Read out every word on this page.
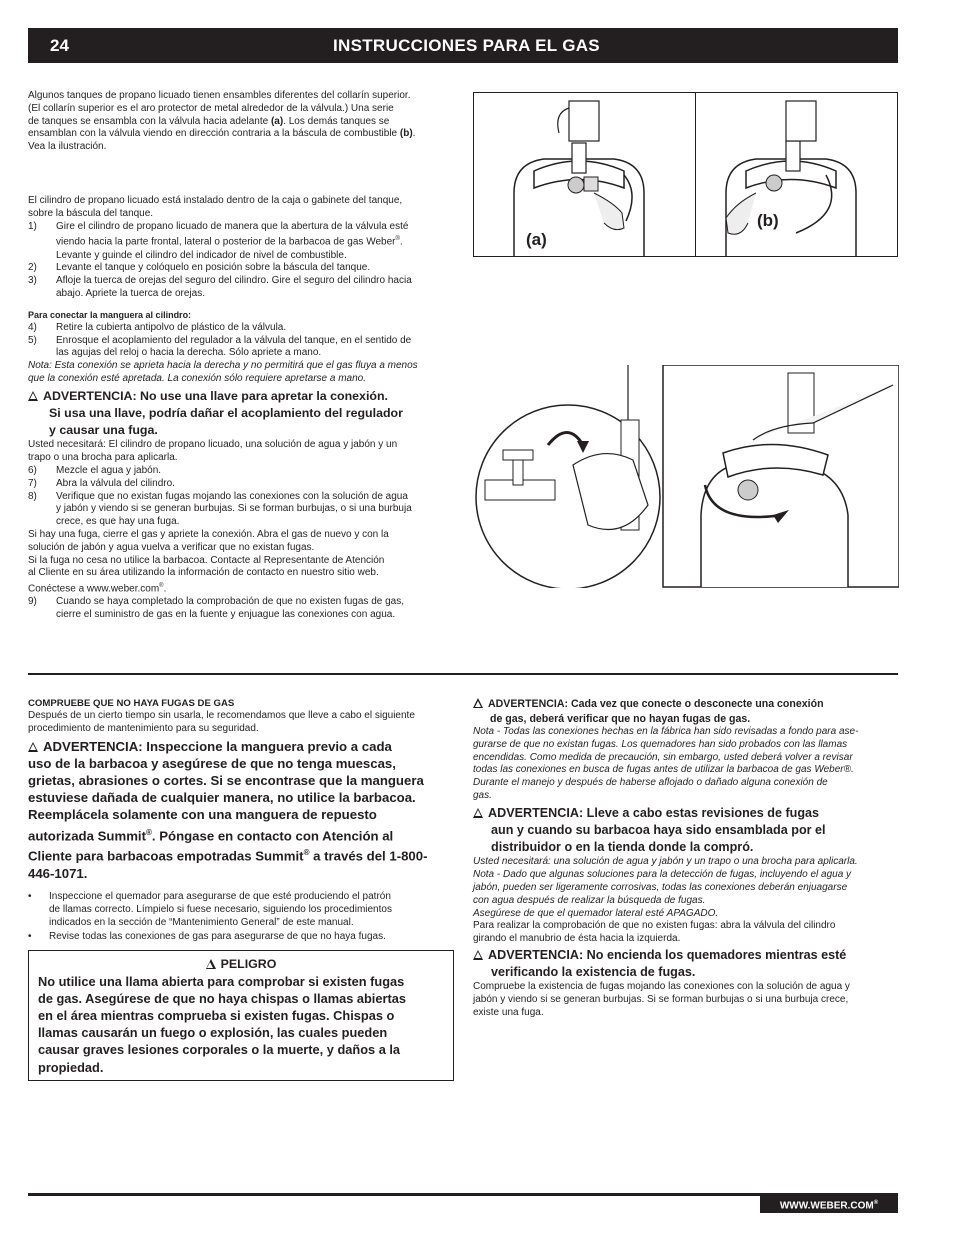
24	INSTRUCCIONES PARA EL GAS
Algunos tanques de propano licuado tienen ensambles diferentes del collarín superior.
(El collarín superior es el aro protector de metal alrededor de la válvula.) Una serie
de tanques se ensambla con la válvula hacia adelante (a). Los demás tanques se
ensamblan con la válvula viendo en dirección contraria a la báscula de combustible (b).
Vea la ilustración.
El cilindro de propano licuado está instalado dentro de la caja o gabinete del tanque,
sobre la báscula del tanque.
1)	Gire el cilindro de propano licuado de manera que la abertura de la válvula esté
viendo hacia la parte frontal, lateral o posterior de la barbacoa de gas Weber®.
Levante y guinde el cilindro del indicador de nivel de combustible.
2)	Levante el tanque y colóquelo en posición sobre la báscula del tanque.
3)	Afloje la tuerca de orejas del seguro del cilindro. Gire el seguro del cilindro hacia
abajo. Apriete la tuerca de orejas.
Para conectar la manguera al cilindro:
4)	Retire la cubierta antipolvo de plástico de la válvula.
5)	Enrosque el acoplamiento del regulador a la válvula del tanque, en el sentido de
las agujas del reloj o hacia la derecha. Sólo apriete a mano.
Nota: Esta conexión se aprieta hacia la derecha y no permitirá que el gas fluya a menos
que la conexión esté apretada. La conexión sólo requiere apretarse a mano.
ADVERTENCIA: No use una llave para apretar la conexión.
Si usa una llave, podría dañar el acoplamiento del regulador
y causar una fuga.
Usted necesitará: El cilindro de propano licuado, una solución de agua y jabón y un
trapo o una brocha para aplicarla.
6)	Mezcle el agua y jabón.
7)	Abra la válvula del cilindro.
8)	Verifique que no existan fugas mojando las conexiones con la solución de agua
y jabón y viendo si se generan burbujas. Si se forman burbujas, o si una burbuja
crece, es que hay una fuga.
Si hay una fuga, cierre el gas y apriete la conexión. Abra el gas de nuevo y con la
solución de jabón y agua vuelva a verificar que no existan fugas.
Si la fuga no cesa no utilice la barbacoa. Contacte al Representante de Atención
al Cliente en su área utilizando la información de contacto en nuestro sitio web.
Conéctese a www.weber.com®.
9)	Cuando se haya completado la comprobación de que no existen fugas de gas,
cierre el suministro de gas en la fuente y enjuague las conexiones con agua.
(a)
(b)
COMPRUEBE QUE NO HAYA FUGAS DE GAS
Después de un cierto tiempo sin usarla, le recomendamos que lleve a cabo el siguiente
procedimiento de mantenimiento para su seguridad.
ADVERTENCIA: Inspeccione la manguera previo a cada
uso de la barbacoa y asegúrese de que no tenga muescas,
grietas, abrasiones o cortes. Si se encontrase que la manguera
estuviese dañada de cualquier manera, no utilice la barbacoa.
Reemplácela solamente con una manguera de repuesto
autorizada Summit®. Póngase en contacto con Atención al
Cliente para barbacoas empotradas Summit® a través del 1-800-
446-1071.
•	Inspeccione el quemador para asegurarse de que esté produciendo el patrón
de llamas correcto. Límpielo si fuese necesario, siguiendo los procedimientos
indicados en la sección de “Mantenimiento General” de este manual.
•	Revise todas las conexiones de gas para asegurarse de que no haya fugas.
PELIGRO
No utilice una llama abierta para comprobar si existen fugas
de gas. Asegúrese de que no haya chispas o llamas abiertas
en el área mientras comprueba si existen fugas. Chispas o
llamas causarán un fuego o explosión, las cuales pueden
causar graves lesiones corporales o la muerte, y daños a la
propiedad.
ADVERTENCIA: Cada vez que conecte o desconecte una conexión
de gas, deberá verificar que no hayan fugas de gas.
Nota - Todas las conexiones hechas en la fábrica han sido revisadas a fondo para ase-
gurarse de que no existan fugas. Los quemadores han sido probados con las llamas
encendidas. Como medida de precaución, sin embargo, usted deberá volver a revisar
todas las conexiones en busca de fugas antes de utilizar la barbacoa de gas Weber®.
Durante el manejo y después de haberse aflojado o dañado alguna conexión de
gas.
ADVERTENCIA: Lleve a cabo estas revisiones de fugas
aun y cuando su barbacoa haya sido ensamblada por el
distribuidor o en la tienda donde la compró.
Usted necesitará: una solución de agua y jabón y un trapo o una brocha para aplicarla.
Nota - Dado que algunas soluciones para la detección de fugas, incluyendo el agua y
jabón, pueden ser ligeramente corrosivas, todas las conexiones deberán enjuagarse
con agua después de realizar la búsqueda de fugas.
Asegúrese de que el quemador lateral esté APAGADO.
Para realizar la comprobación de que no existen fugas: abra la válvula del cilindro
girando el manubrio de ésta hacia la izquierda.
ADVERTENCIA: No encienda los quemadores mientras esté
verificando la existencia de fugas.
Compruebe la existencia de fugas mojando las conexiones con la solución de agua y
jabón y viendo si se generan burbujas. Si se forman burbujas o si una burbuja crece,
existe una fuga.
WWW.WEBER.COM®
